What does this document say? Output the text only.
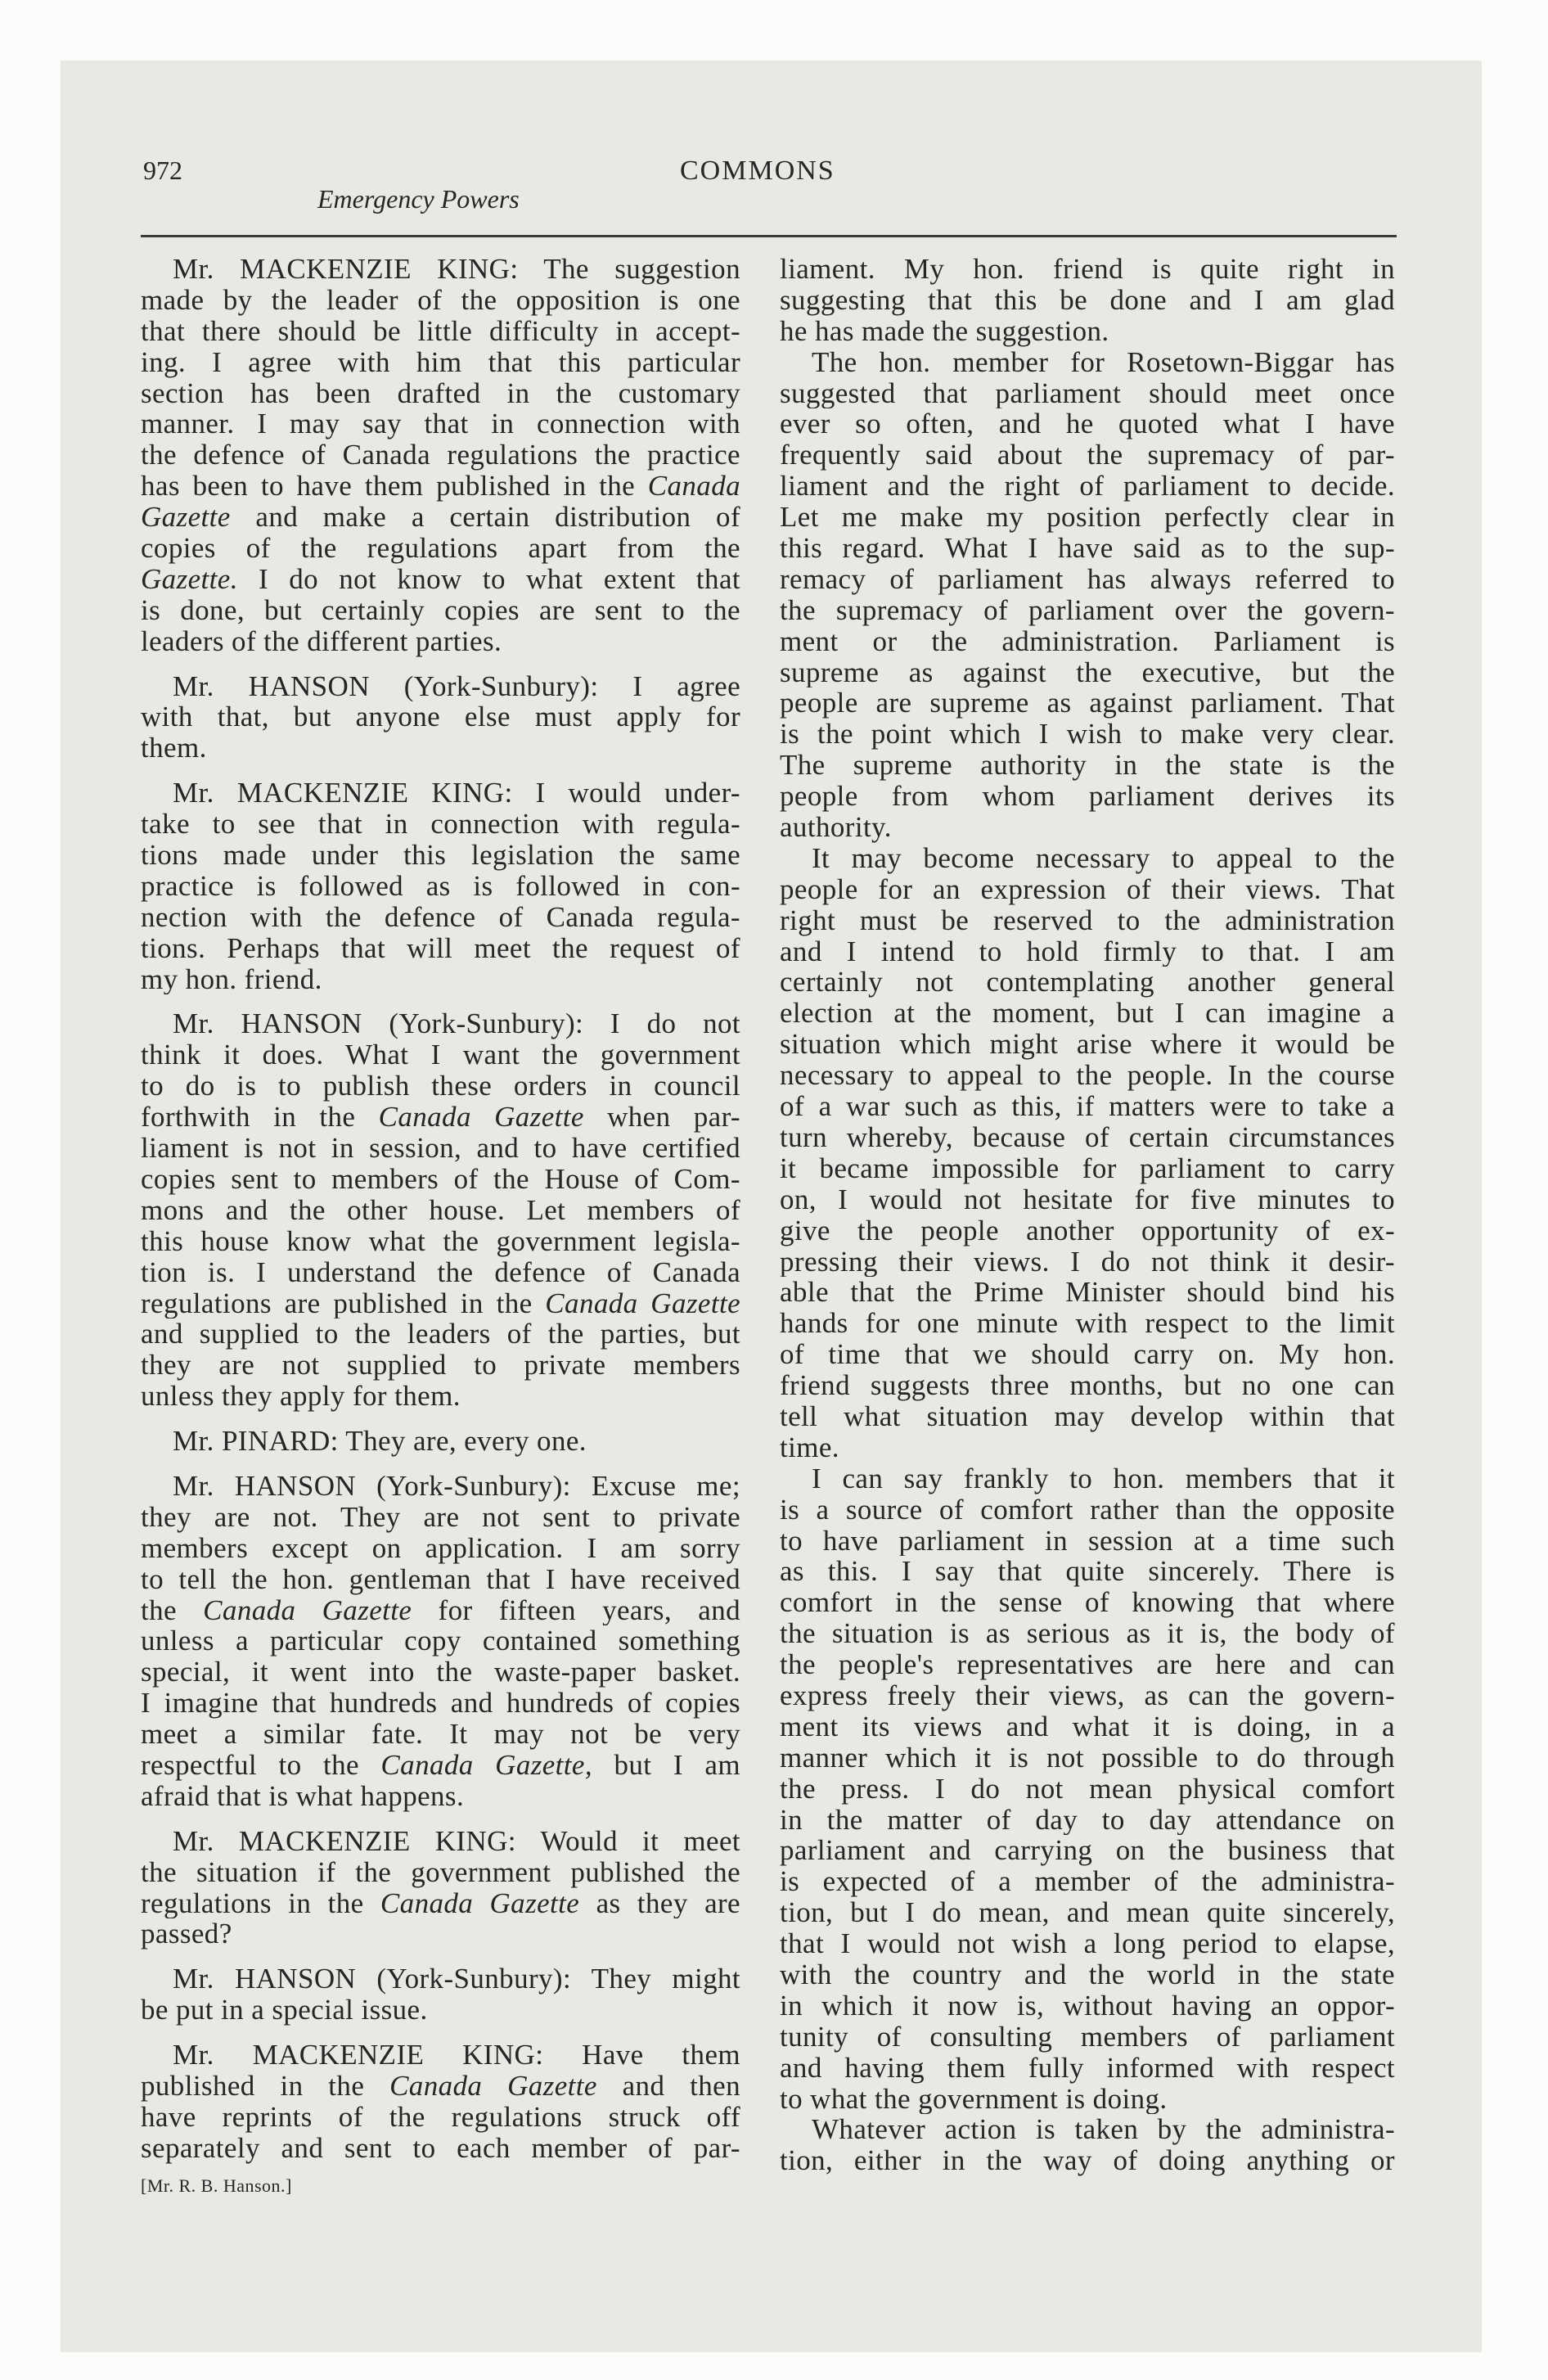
972	COMMONS
Emergency Powers
Mr. MACKENZIE KING: The suggestion
made by the leader of the opposition is one
that there should be little difficulty in accept-
ing. I agree with him that this particular
section has been drafted in the customary
manner. I may say that in connection with
the defence of Canada regulations the practice
has been to have them published in the Canada
Gazette and make a certain distribution of
copies of the regulations apart from the
Gazette. I do not know to what extent that
is done, but certainly copies are sent to the
leaders of the different parties.
Mr. HANSON (York-Sunbury): I agree
with that, but anyone else must apply for
them.
Mr. MACKENZIE KING: I would under-
take to see that in connection with regula-
tions made under this legislation the same
practice is followed as is followed in con-
nection with the defence of Canada regula-
tions. Perhaps that will meet the request of
my hon. friend.
Mr. HANSON (York-Sunbury): I do not
think it does. What I want the government
to do is to publish these orders in council
forthwith in the Canada Gazette when par-
liament is not in session, and to have certified
copies sent to members of the House of Com-
mons and the other house. Let members of
this house know what the government legisla-
tion is. I understand the defence of Canada
regulations are published in the Canada Gazette
and supplied to the leaders of the parties, but
they are not supplied to private members
unless they apply for them.
Mr. PINARD: They are, every one.
Mr. HANSON (York-Sunbury): Excuse me;
they are not. They are not sent to private
members except on application. I am sorry
to tell the hon. gentleman that I have received
the Canada Gazette for fifteen years, and
unless a particular copy contained something
special, it went into the waste-paper basket.
I imagine that hundreds and hundreds of copies
meet a similar fate. It may not be very
respectful to the Canada Gazette, but I am
afraid that is what happens.
Mr. MACKENZIE KING: Would it meet
the situation if the government published the
regulations in the Canada Gazette as they are
passed?
Mr. HANSON (York-Sunbury): They might
be put in a special issue.
Mr. MACKENZIE KING: Have them
published in the Canada Gazette and then
have reprints of the regulations struck off
separately and sent to each member of par-
liament. My hon. friend is quite right in
suggesting that this be done and I am glad
he has made the suggestion.
The hon. member for Rosetown-Biggar has
suggested that parliament should meet once
ever so often, and he quoted what I have
frequently said about the supremacy of par-
liament and the right of parliament to decide.
Let me make my position perfectly clear in
this regard. What I have said as to the sup-
remacy of parliament has always referred to
the supremacy of parliament over the govern-
ment or the administration. Parliament is
supreme as against the executive, but the
people are supreme as against parliament. That
is the point which I wish to make very clear.
The supreme authority in the state is the
people from whom parliament derives its
authority.
It may become necessary to appeal to the
people for an expression of their views. That
right must be reserved to the administration
and I intend to hold firmly to that. I am
certainly not contemplating another general
election at the moment, but I can imagine a
situation which might arise where it would be
necessary to appeal to the people. In the course
of a war such as this, if matters were to take a
turn whereby, because of certain circumstances
it became impossible for parliament to carry
on, I would not hesitate for five minutes to
give the people another opportunity of ex-
pressing their views. I do not think it desir-
able that the Prime Minister should bind his
hands for one minute with respect to the limit
of time that we should carry on. My hon.
friend suggests three months, but no one can
tell what situation may develop within that
time.
I can say frankly to hon. members that it
is a source of comfort rather than the opposite
to have parliament in session at a time such
as this. I say that quite sincerely. There is
comfort in the sense of knowing that where
the situation is as serious as it is, the body of
the people's representatives are here and can
express freely their views, as can the govern-
ment its views and what it is doing, in a
manner which it is not possible to do through
the press. I do not mean physical comfort
in the matter of day to day attendance on
parliament and carrying on the business that
is expected of a member of the administra-
tion, but I do mean, and mean quite sincerely,
that I would not wish a long period to elapse,
with the country and the world in the state
in which it now is, without having an oppor-
tunity of consulting members of parliament
and having them fully informed with respect
to what the government is doing.
Whatever action is taken by the administra-
tion, either in the way of doing anything or
[Mr. R. B. Hanson.]
